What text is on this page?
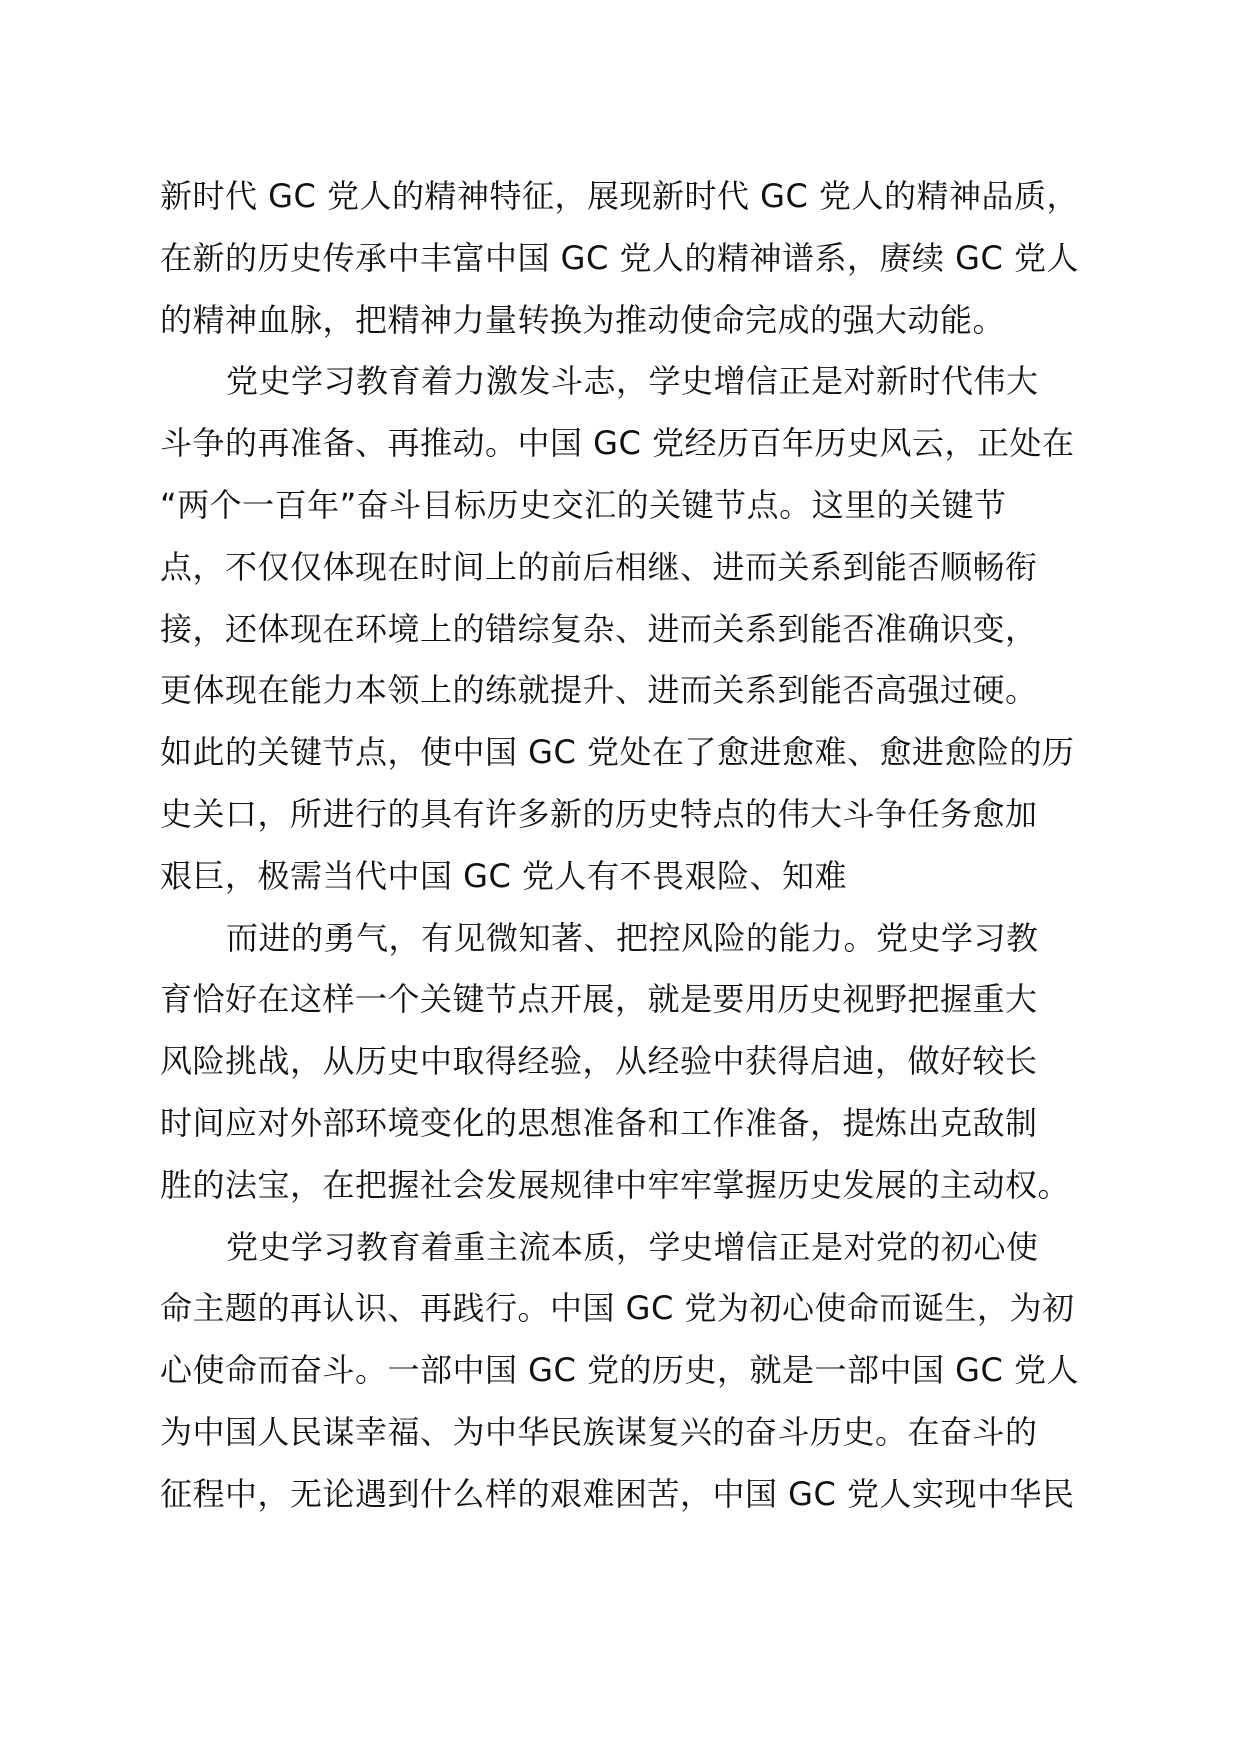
新时代 GC 党人的精神特征，展现新时代 GC 党人的精神品质，
在新的历史传承中丰富中国 GC 党人的精神谱系，赓续 GC 党人
的精神血脉，把精神力量转换为推动使命完成的强大动能。
党史学习教育着力激发斗志，学史增信正是对新时代伟大
斗争的再准备、再推动。中国 GC 党经历百年历史风云，正处在
“两个一百年”奋斗目标历史交汇的关键节点。这里的关键节
点，不仅仅体现在时间上的前后相继、进而关系到能否顺畅衔
接，还体现在环境上的错综复杂、进而关系到能否准确识变，
更体现在能力本领上的练就提升、进而关系到能否高强过硬。
如此的关键节点，使中国 GC 党处在了愈进愈难、愈进愈险的历
史关口，所进行的具有许多新的历史特点的伟大斗争任务愈加
艰巨，极需当代中国 GC 党人有不畏艰险、知难
而进的勇气，有见微知著、把控风险的能力。党史学习教
育恰好在这样一个关键节点开展，就是要用历史视野把握重大
风险挑战，从历史中取得经验，从经验中获得启迪，做好较长
时间应对外部环境变化的思想准备和工作准备，提炼出克敌制
胜的法宝，在把握社会发展规律中牢牢掌握历史发展的主动权。
党史学习教育着重主流本质，学史增信正是对党的初心使
命主题的再认识、再践行。中国 GC 党为初心使命而诞生，为初
心使命而奋斗。一部中国 GC 党的历史，就是一部中国 GC 党人
为中国人民谋幸福、为中华民族谋复兴的奋斗历史。在奋斗的
征程中，无论遇到什么样的艰难困苦，中国 GC 党人实现中华民
